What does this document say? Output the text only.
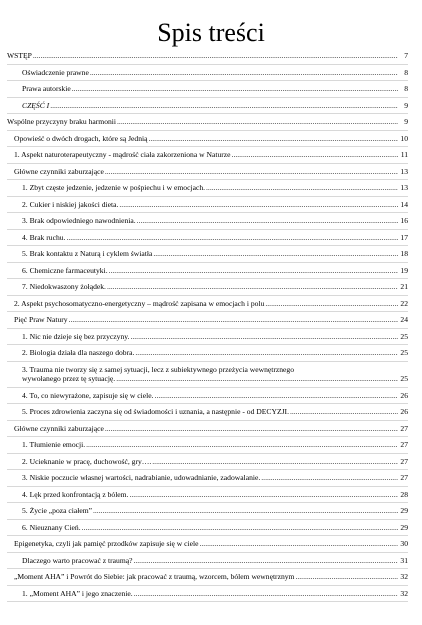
Spis treści
WSTĘP .....	7
Oświadczenie prawne .....	8
Prawa autorskie .....	8
CZĘŚĆ I .....	9
Wspólne przyczyny braku harmonii .....	9
Opowieść o dwóch drogach, które są Jednią .....	10
1. Aspekt naturoterapeutyczny - mądrość ciała zakorzeniona w Naturze .....	11
Główne czynniki zaburzające .....	13
1. Zbyt częste jedzenie, jedzenie w pośpiechu i w emocjach. .....	13
2. Cukier i niskiej jakości dieta. .....	14
3. Brak odpowiedniego nawodnienia. .....	16
4. Brak ruchu. .....	17
5. Brak kontaktu z Naturą i cyklem światła .....	18
6. Chemiczne farmaceutyki. .....	19
7. Niedokwaszony żołądek. .....	21
2. Aspekt psychosomatyczno-energetyczny – mądrość zapisana w emocjach i polu .....	22
Pięć Praw Natury .....	24
1. Nic nie dzieje się bez przyczyny. .....	25
2. Biologia działa dla naszego dobra. .....	25
3. Trauma nie tworzy się z samej sytuacji, lecz z subiektywnego przeżycia wewnętrznego
wywołanego przez tę sytuację. .....	25
4. To, co niewyrażone, zapisuje się w ciele. .....	26
5. Proces zdrowienia zaczyna się od świadomości i uznania, a następnie - od DECYZJI. .....	26
Główne czynniki zaburzające .....	27
1. Tłumienie emocji. .....	27
2. Ucieknanie w pracę, duchowość, gry…. .....	27
3. Niskie poczucie własnej wartości, nadrabianie, udowadnianie, zadowalanie. .....	27
4. Lęk przed konfrontacją z bólem. .....	28
5. Życie „poza ciałem” .....	29
6. Nieuznany Cień. .....	29
Epigenetyka, czyli jak pamięć przodków zapisuje się w ciele .....	30
Dlaczego warto pracować z traumą? .....	31
„Moment AHA” i Powrót do Siebie: jak pracować z traumą, wzorcem, bólem wewnętrznym .....	32
1. „Moment AHA” i jego znaczenie. .....	32
